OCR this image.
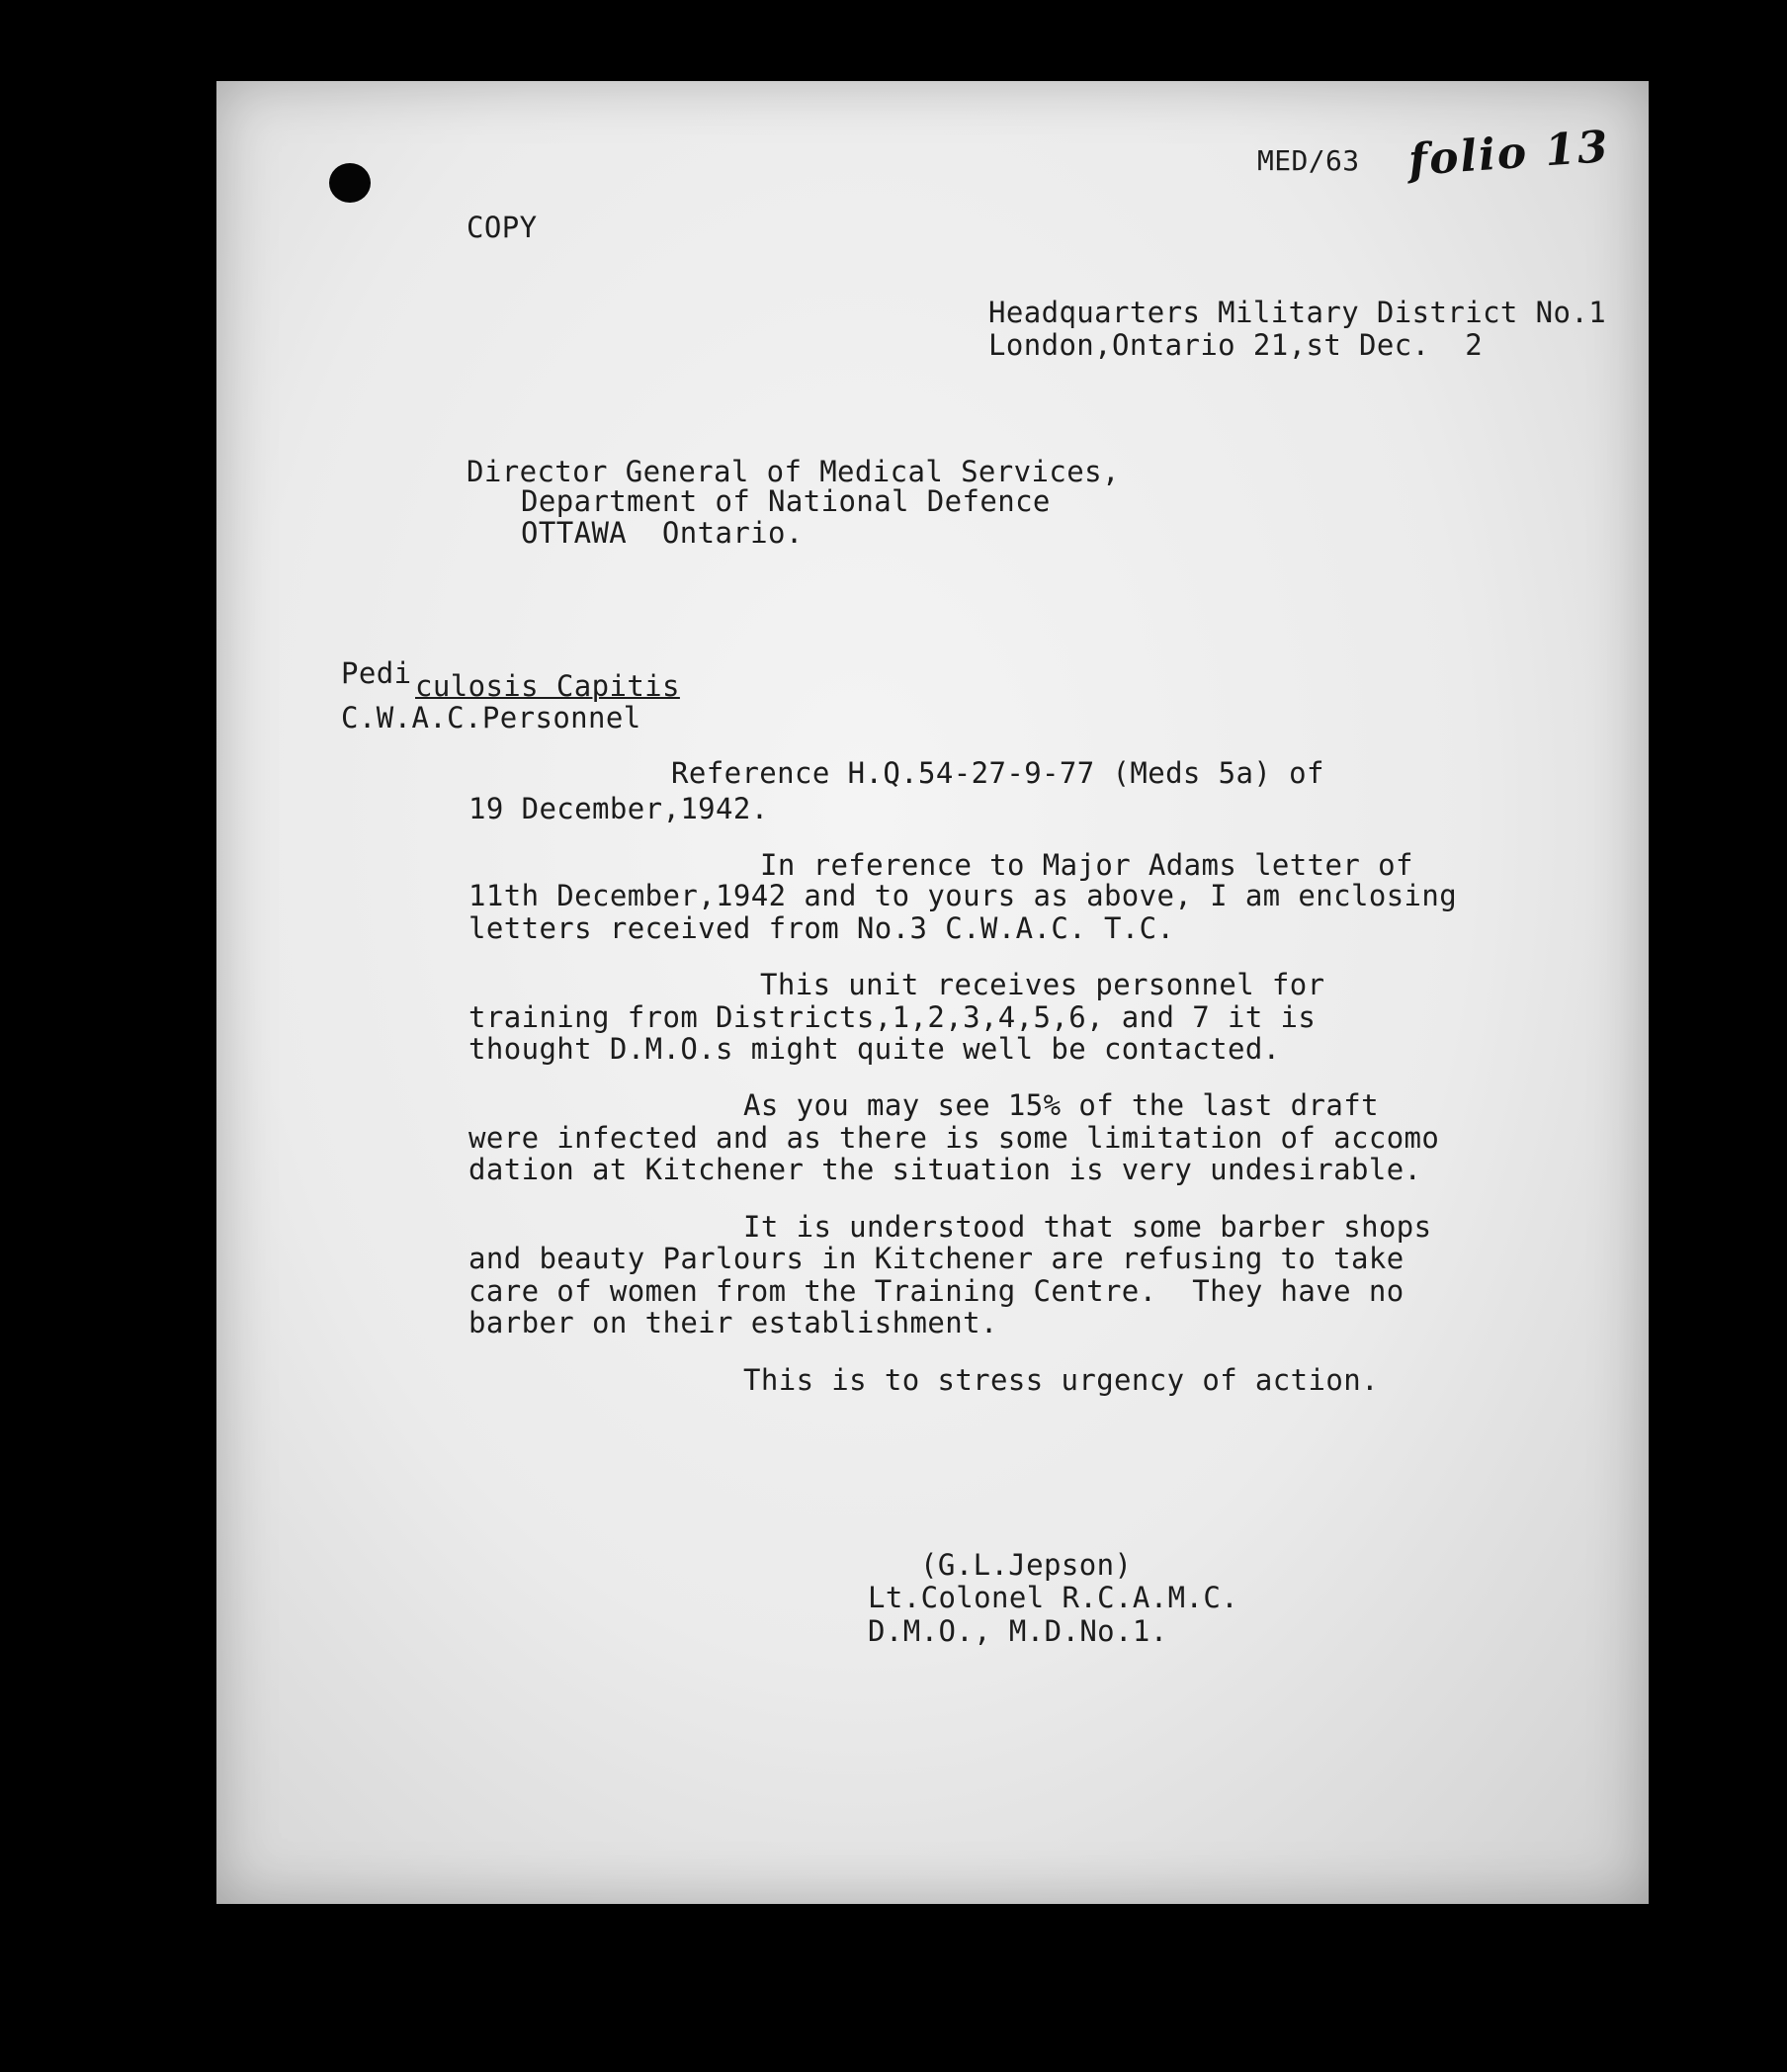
MED/63 folio 13
COPY
Headquarters Military District No.1
London,Ontario 21,st Dec.  2
Director General of Medical Services,
Department of National Defence
OTTAWA  Ontario.
Pedi culosis Capitis
C.W.A.C.Personnel
Reference H.Q.54-27-9-77 (Meds 5a) of
19 December,1942.
In reference to Major Adams letter of
11th December,1942 and to yours as above, I am enclosing
letters received from No.3 C.W.A.C. T.C.
This unit receives personnel for
training from Districts,1,2,3,4,5,6, and 7 it is
thought D.M.O.s might quite well be contacted.
As you may see 15% of the last draft
were infected and as there is some limitation of accomo
dation at Kitchener the situation is very undesirable.
It is understood that some barber shops
and beauty Parlours in Kitchener are refusing to take
care of women from the Training Centre.  They have no
barber on their establishment.
This is to stress urgency of action.
(G.L.Jepson)
Lt.Colonel R.C.A.M.C.
D.M.O., M.D.No.1.
